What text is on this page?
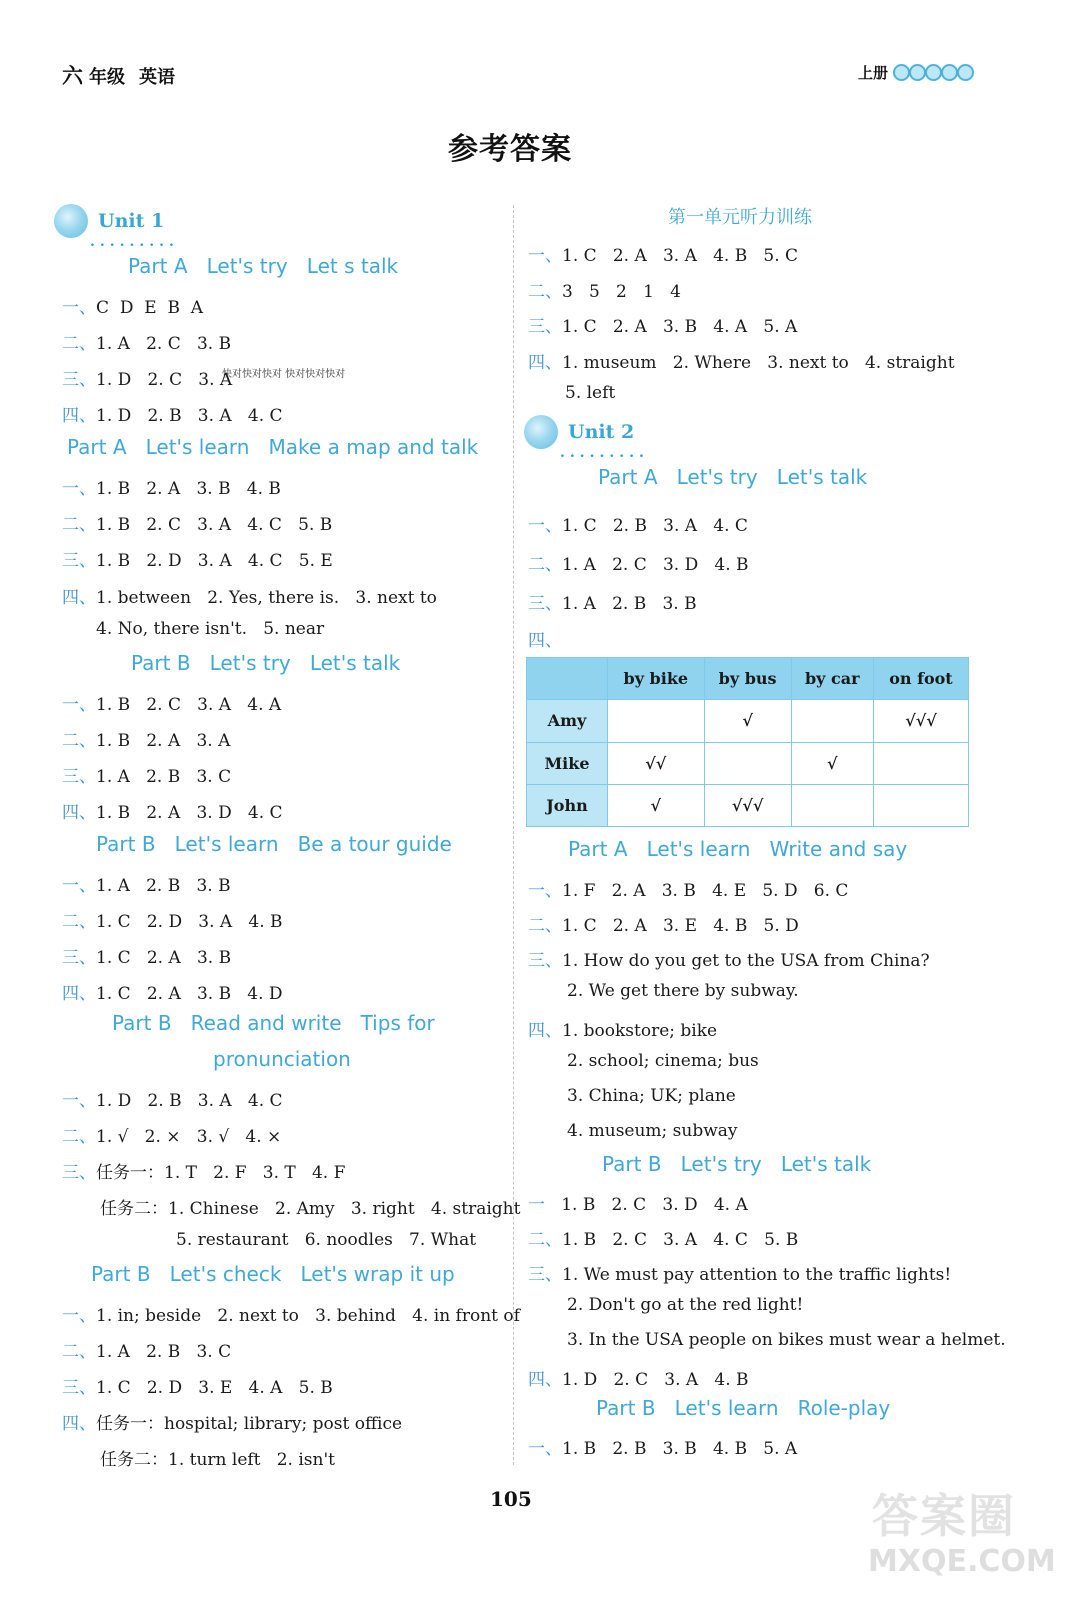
六 年级 英语	上册
参考答案
Unit 1
.........
Part A   Let's try   Let s talk
一、C  D  E  B  A
二、1. A   2. C   3. B
三、1. D   2. C   3. A
快对快对快对 快对快对快对
四、1. D   2. B   3. A   4. C
Part A   Let's learn   Make a map and talk
一、1. B   2. A   3. B   4. B
二、1. B   2. C   3. A   4. C   5. B
三、1. B   2. D   3. A   4. C   5. E
四、1. between   2. Yes, there is.   3. next to
4. No, there isn't.   5. near
Part B   Let's try   Let's talk
一、1. B   2. C   3. A   4. A
二、1. B   2. A   3. A
三、1. A   2. B   3. C
四、1. B   2. A   3. D   4. C
Part B   Let's learn   Be a tour guide
一、1. A   2. B   3. B
二、1. C   2. D   3. A   4. B
三、1. C   2. A   3. B
四、1. C   2. A   3. B   4. D
Part B   Read and write   Tips for
pronunciation
一、1. D   2. B   3. A   4. C
二、1. √   2. ×   3. √   4. ×
三、任务一：1. T   2. F   3. T   4. F
任务二：1. Chinese   2. Amy   3. right   4. straight
5. restaurant   6. noodles   7. What
Part B   Let's check   Let's wrap it up
一、1. in; beside   2. next to   3. behind   4. in front of
二、1. A   2. B   3. C
三、1. C   2. D   3. E   4. A   5. B
四、任务一：hospital; library; post office
任务二：1. turn left   2. isn't
第一单元听力训练
一、1. C   2. A   3. A   4. B   5. C
二、3   5   2   1   4
三、1. C   2. A   3. B   4. A   5. A
四、1. museum   2. Where   3. next to   4. straight
5. left
Unit 2
.........
Part A   Let's try   Let's talk
一、1. C   2. B   3. A   4. C
二、1. A   2. C   3. D   4. B
三、1. A   2. B   3. B
四、
	by bike	by bus	by car	on foot
Amy		√		√√√
Mike	√√		√	
John	√	√√√		
Part A   Let's learn   Write and say
一、1. F   2. A   3. B   4. E   5. D   6. C
二、1. C   2. A   3. E   4. B   5. D
三、1. How do you get to the USA from China?
2. We get there by subway.
四、1. bookstore; bike
2. school; cinema; bus
3. China; UK; plane
4. museum; subway
Part B   Let's try   Let's talk
一   1. B   2. C   3. D   4. A
二、1. B   2. C   3. A   4. C   5. B
三、1. We must pay attention to the traffic lights!
2. Don't go at the red light!
3. In the USA people on bikes must wear a helmet.
四、1. D   2. C   3. A   4. B
Part B   Let's learn   Role-play
一、1. B   2. B   3. B   4. B   5. A
105	答案圈
MXQE.COM
